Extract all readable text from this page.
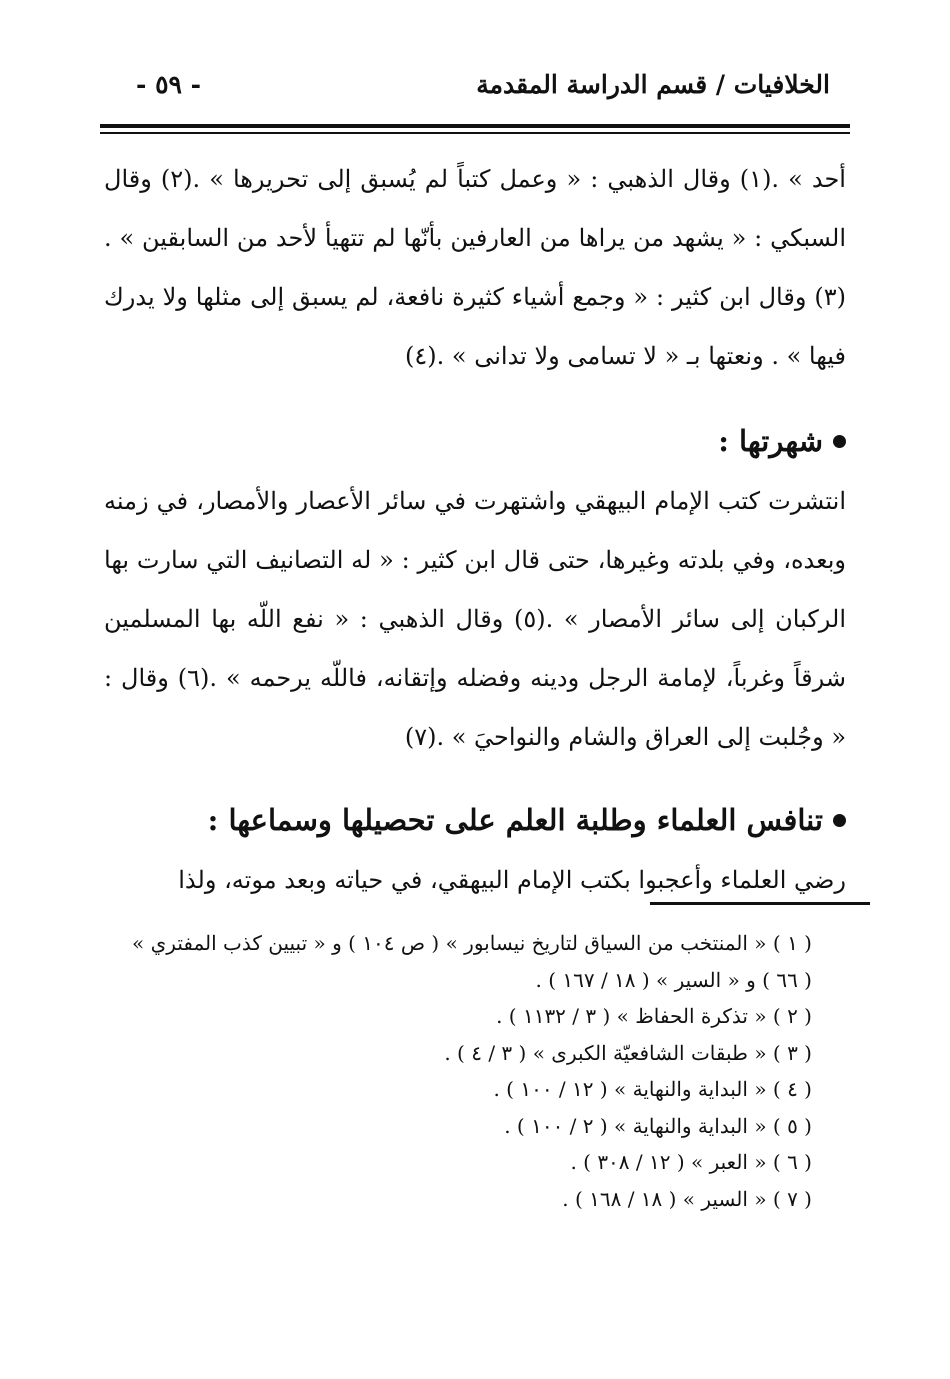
الخلافيات / قسم الدراسة المقدمة
- ٥٩ -

أحد » .(١) وقال الذهبي : « وعمل كتباً لم يُسبق إلى تحريرها » .(٢) وقال السبكي : « يشهد من يراها من العارفين بأنّها لم تتهيأ لأحد من السابقين » .(٣) وقال ابن كثير : « وجمع أشياء كثيرة نافعة، لم يسبق إلى مثلها ولا يدرك فيها » . ونعتها بـ « لا تسامى ولا تدانى » .(٤)

شهرتها :

انتشرت كتب الإمام البيهقي واشتهرت في سائر الأعصار والأمصار، في زمنه وبعده، وفي بلدته وغيرها، حتى قال ابن كثير : « له التصانيف التي سارت بها الركبان إلى سائر الأمصار » .(٥) وقال الذهبي : « نفع اللّه بها المسلمين شرقاً وغرباً، لإمامة الرجل ودينه وفضله وإتقانه، فاللّه يرحمه » .(٦) وقال : « وجُلبت إلى العراق والشام والنواحيَ » .(٧)

تنافس العلماء وطلبة العلم على تحصيلها وسماعها :

رضي العلماء وأعجبوا بكتب الإمام البيهقي، في حياته وبعد موته، ولذا

( ١ ) « المنتخب من السياق لتاريخ نيسابور » ( ص ١٠٤ ) و « تبيين كذب المفتري »

( ٦٦ ) و « السير » ( ١٨ / ١٦٧ ) .

( ٢ ) « تذكرة الحفاظ » ( ٣ / ١١٣٢ ) .

( ٣ ) « طبقات الشافعيّة الكبرى » ( ٣ / ٤ ) .

( ٤ ) « البداية والنهاية » ( ١٢ / ١٠٠ ) .

( ٥ ) « البداية والنهاية » ( ٢ / ١٠٠ ) .

( ٦ ) « العبر » ( ١٢ / ٣٠٨ ) .

( ٧ ) « السير » ( ١٨ / ١٦٨ ) .
